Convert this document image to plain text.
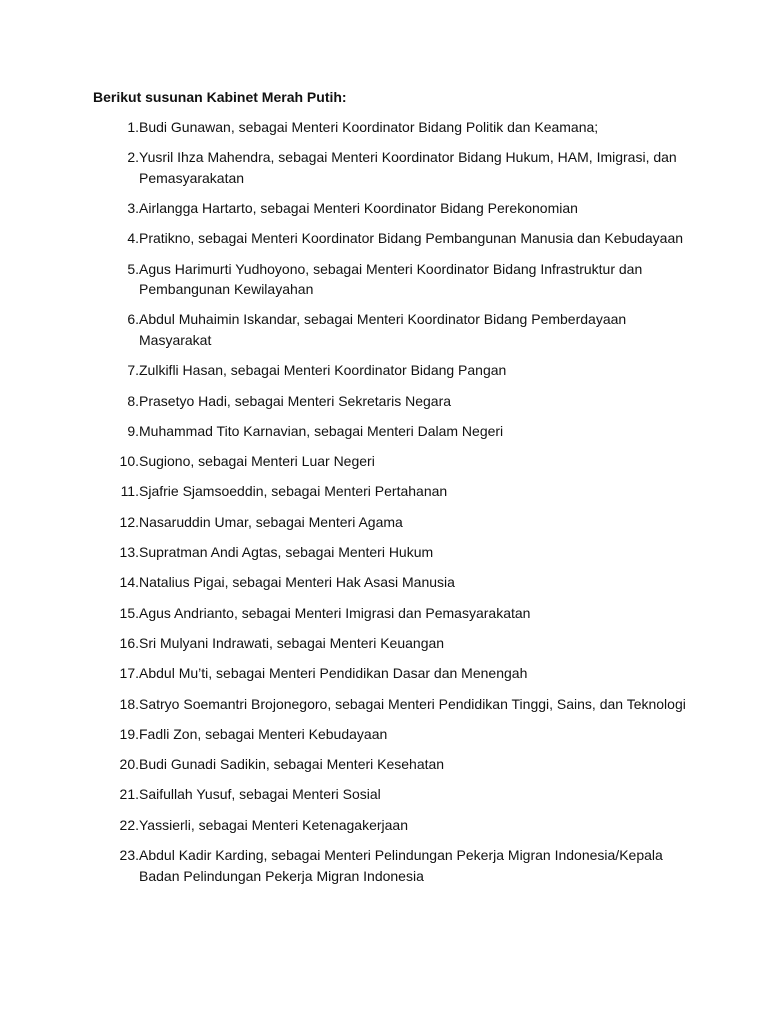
Berikut susunan Kabinet Merah Putih:
1. Budi Gunawan, sebagai Menteri Koordinator Bidang Politik dan Keamana;
2. Yusril Ihza Mahendra, sebagai Menteri Koordinator Bidang Hukum, HAM, Imigrasi, dan Pemasyarakatan
3. Airlangga Hartarto, sebagai Menteri Koordinator Bidang Perekonomian
4. Pratikno, sebagai Menteri Koordinator Bidang Pembangunan Manusia dan Kebudayaan
5. Agus Harimurti Yudhoyono, sebagai Menteri Koordinator Bidang Infrastruktur dan Pembangunan Kewilayahan
6. Abdul Muhaimin Iskandar, sebagai Menteri Koordinator Bidang Pemberdayaan Masyarakat
7. Zulkifli Hasan, sebagai Menteri Koordinator Bidang Pangan
8. Prasetyo Hadi, sebagai Menteri Sekretaris Negara
9. Muhammad Tito Karnavian, sebagai Menteri Dalam Negeri
10. Sugiono, sebagai Menteri Luar Negeri
11. Sjafrie Sjamsoeddin, sebagai Menteri Pertahanan
12. Nasaruddin Umar, sebagai Menteri Agama
13. Supratman Andi Agtas, sebagai Menteri Hukum
14. Natalius Pigai, sebagai Menteri Hak Asasi Manusia
15. Agus Andrianto, sebagai Menteri Imigrasi dan Pemasyarakatan
16. Sri Mulyani Indrawati, sebagai Menteri Keuangan
17. Abdul Mu’ti, sebagai Menteri Pendidikan Dasar dan Menengah
18. Satryo Soemantri Brojonegoro, sebagai Menteri Pendidikan Tinggi, Sains, dan Teknologi
19. Fadli Zon, sebagai Menteri Kebudayaan
20. Budi Gunadi Sadikin, sebagai Menteri Kesehatan
21. Saifullah Yusuf, sebagai Menteri Sosial
22. Yassierli, sebagai Menteri Ketenagakerjaan
23. Abdul Kadir Karding, sebagai Menteri Pelindungan Pekerja Migran Indonesia/Kepala Badan Pelindungan Pekerja Migran Indonesia
